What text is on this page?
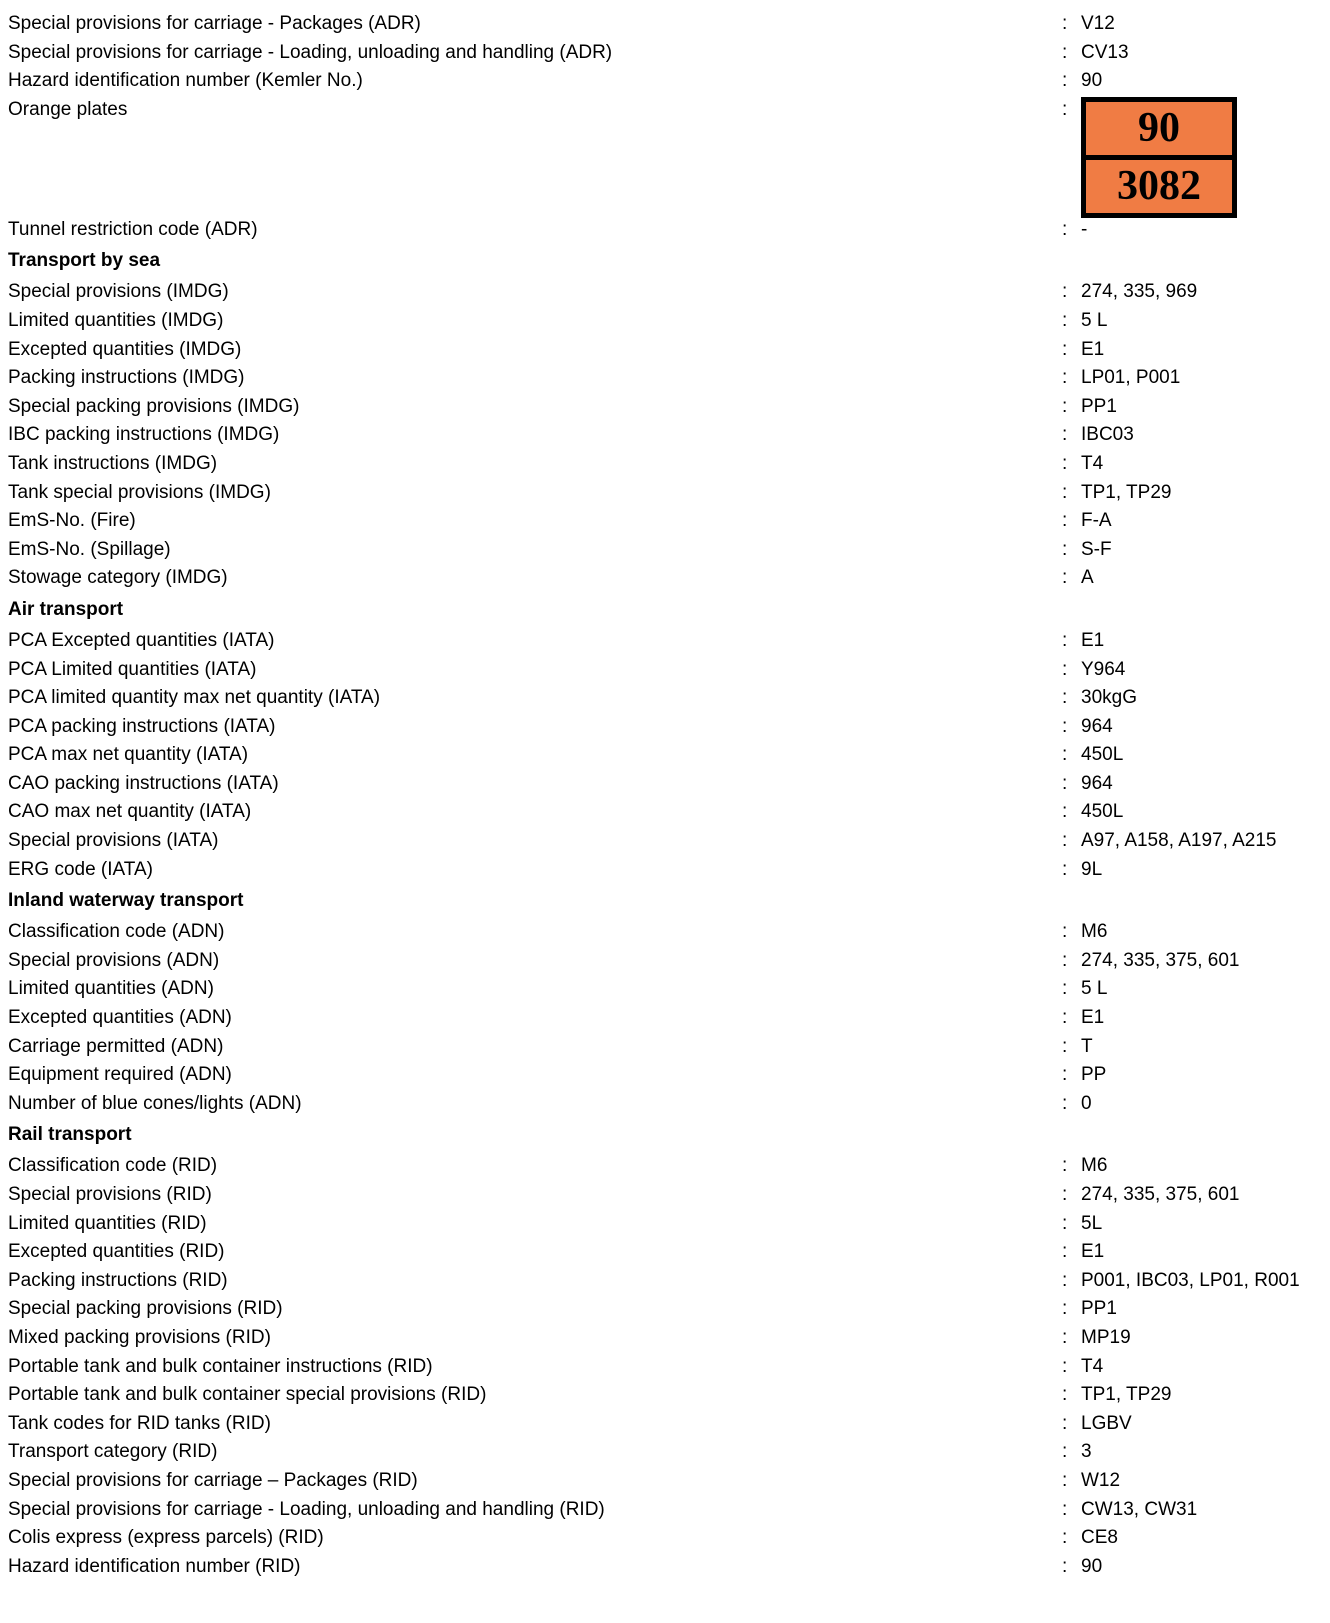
Special provisions for carriage - Packages (ADR)	: V12
Special provisions for carriage - Loading, unloading and handling (ADR)	: CV13
Hazard identification number (Kemler No.)	: 90
Orange plates	: $\frac{90}{3082}$
Tunnel restriction code (ADR)	: -
Transport by sea
Special provisions (IMDG)	: 274, 335, 969
Limited quantities (IMDG)	: 5 L
Excepted quantities (IMDG)	: E1
Packing instructions (IMDG)	: LP01, P001
Special packing provisions (IMDG)	: PP1
IBC packing instructions (IMDG)	: IBC03
Tank instructions (IMDG)	: T4
Tank special provisions (IMDG)	: TP1, TP29
EmS-No. (Fire)	: F-A
EmS-No. (Spillage)	: S-F
Stowage category (IMDG)	: A
Air transport
PCA Excepted quantities (IATA)	: E1
PCA Limited quantities (IATA)	: Y964
PCA limited quantity max net quantity (IATA)	: 30kgG
PCA packing instructions (IATA)	: 964
PCA max net quantity (IATA)	: 450L
CAO packing instructions (IATA)	: 964
CAO max net quantity (IATA)	: 450L
Special provisions (IATA)	: A97, A158, A197, A215
ERG code (IATA)	: 9L
Inland waterway transport
Classification code (ADN)	: M6
Special provisions (ADN)	: 274, 335, 375, 601
Limited quantities (ADN)	: 5 L
Excepted quantities (ADN)	: E1
Carriage permitted (ADN)	: T
Equipment required (ADN)	: PP
Number of blue cones/lights (ADN)	: 0
Rail transport
Classification code (RID)	: M6
Special provisions (RID)	: 274, 335, 375, 601
Limited quantities (RID)	: 5L
Excepted quantities (RID)	: E1
Packing instructions (RID)	: P001, IBC03, LP01, R001
Special packing provisions (RID)	: PP1
Mixed packing provisions (RID)	: MP19
Portable tank and bulk container instructions (RID)	: T4
Portable tank and bulk container special provisions (RID)	: TP1, TP29
Tank codes for RID tanks (RID)	: LGBV
Transport category (RID)	: 3
Special provisions for carriage – Packages (RID)	: W12
Special provisions for carriage - Loading, unloading and handling (RID)	: CW13, CW31
Colis express (express parcels) (RID)	: CE8
Hazard identification number (RID)	: 90
